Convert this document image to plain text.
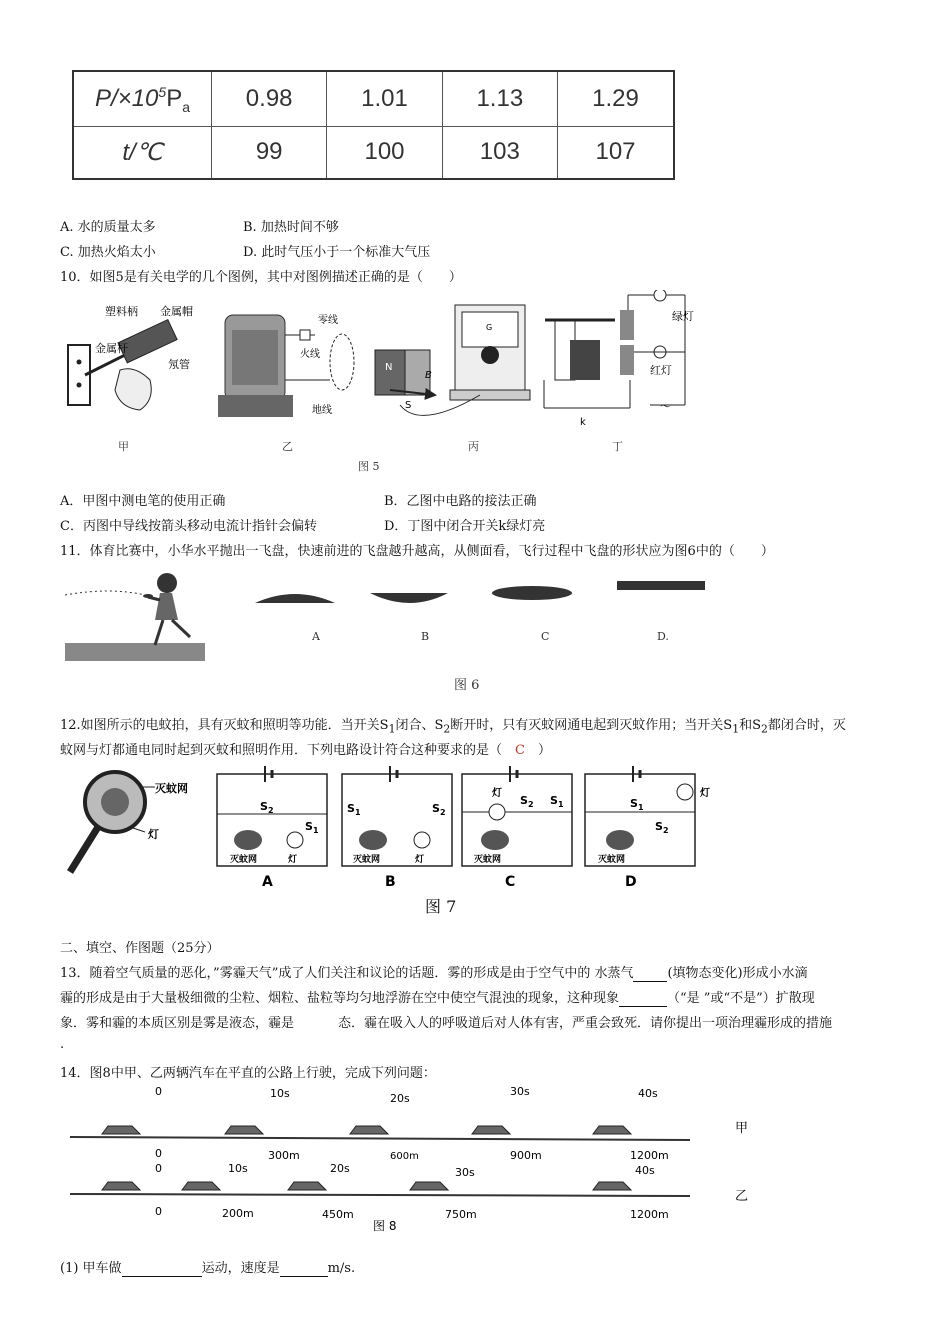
$P/\times 10^5P_a$	0.98	1.01	1.13	1.29
t/℃	99	100	103	107
A. 水的质量太多	B. 加热时间不够
C. 加热火焰太小	D. 此时气压小于一个标准大气压
10．如图5是有关电学的几个图例，其中对图例描述正确的是（　　）
塑料柄 金属帽
金属杆
氖管
零线
火线
地线
N
S
B
G
绿灯
红灯
k
～
甲	乙	丙	丁
图 5
A．甲图中测电笔的使用正确	B．乙图中电路的接法正确
C．丙图中导线按箭头移动电流计指针会偏转	D．丁图中闭合开关k绿灯亮
11．体育比赛中，小华水平抛出一飞盘，快速前进的飞盘越升越高，从侧面看，飞行过程中飞盘的形状应为图6中的（　　）
A	B	C	D.
图 6
12.如图所示的电蚊拍，具有灭蚊和照明等功能．当开关$S_1$闭合、$S_2$断开时，只有灭蚊网通电起到灭蚊作用；当开关$S_1$和$S_2$都闭合时，灭
蚊网与灯都通电同时起到灭蚊和照明作用．下列电路设计符合这种要求的是（　 C　 ）
灭蚊网
灯
S 2
S 1
灭蚊网	灯
S 1	S 2
灭蚊网	灯
灯
S 2 S 1
灭蚊网
灯
S 1
S 2
灭蚊网
A	B	C	D
图 7
二、填空、作图题（25分）
13．随着空气质量的恶化，”雾霾天气”成了人们关注和议论的话题．雾的形成是由于空气中的 水蒸气	(填物态变化)形成小水滴
霾的形成是由于大量极细微的尘粒、烟粒、盐粒等均匀地浮游在空中使空气混浊的现象，这种现象	（“是 ”或“不是”）扩散现
象．雾和霾的本质区别是雾是液态，霾是	态．霾在吸入人的呼吸道后对人体有害，严重会致死．请你提出一项治理霾形成的措施
.
14．图8中甲、乙两辆汽车在平直的公路上行驶，完成下列问题：
0	10s	20s
30s	40s
0	300m	600m	900m	1200m
甲
0	10s	20s	30s	40s
0	200m	450m	750m	1200m
乙
图 8
(1) 甲车做	运动，速度是	m/s.
